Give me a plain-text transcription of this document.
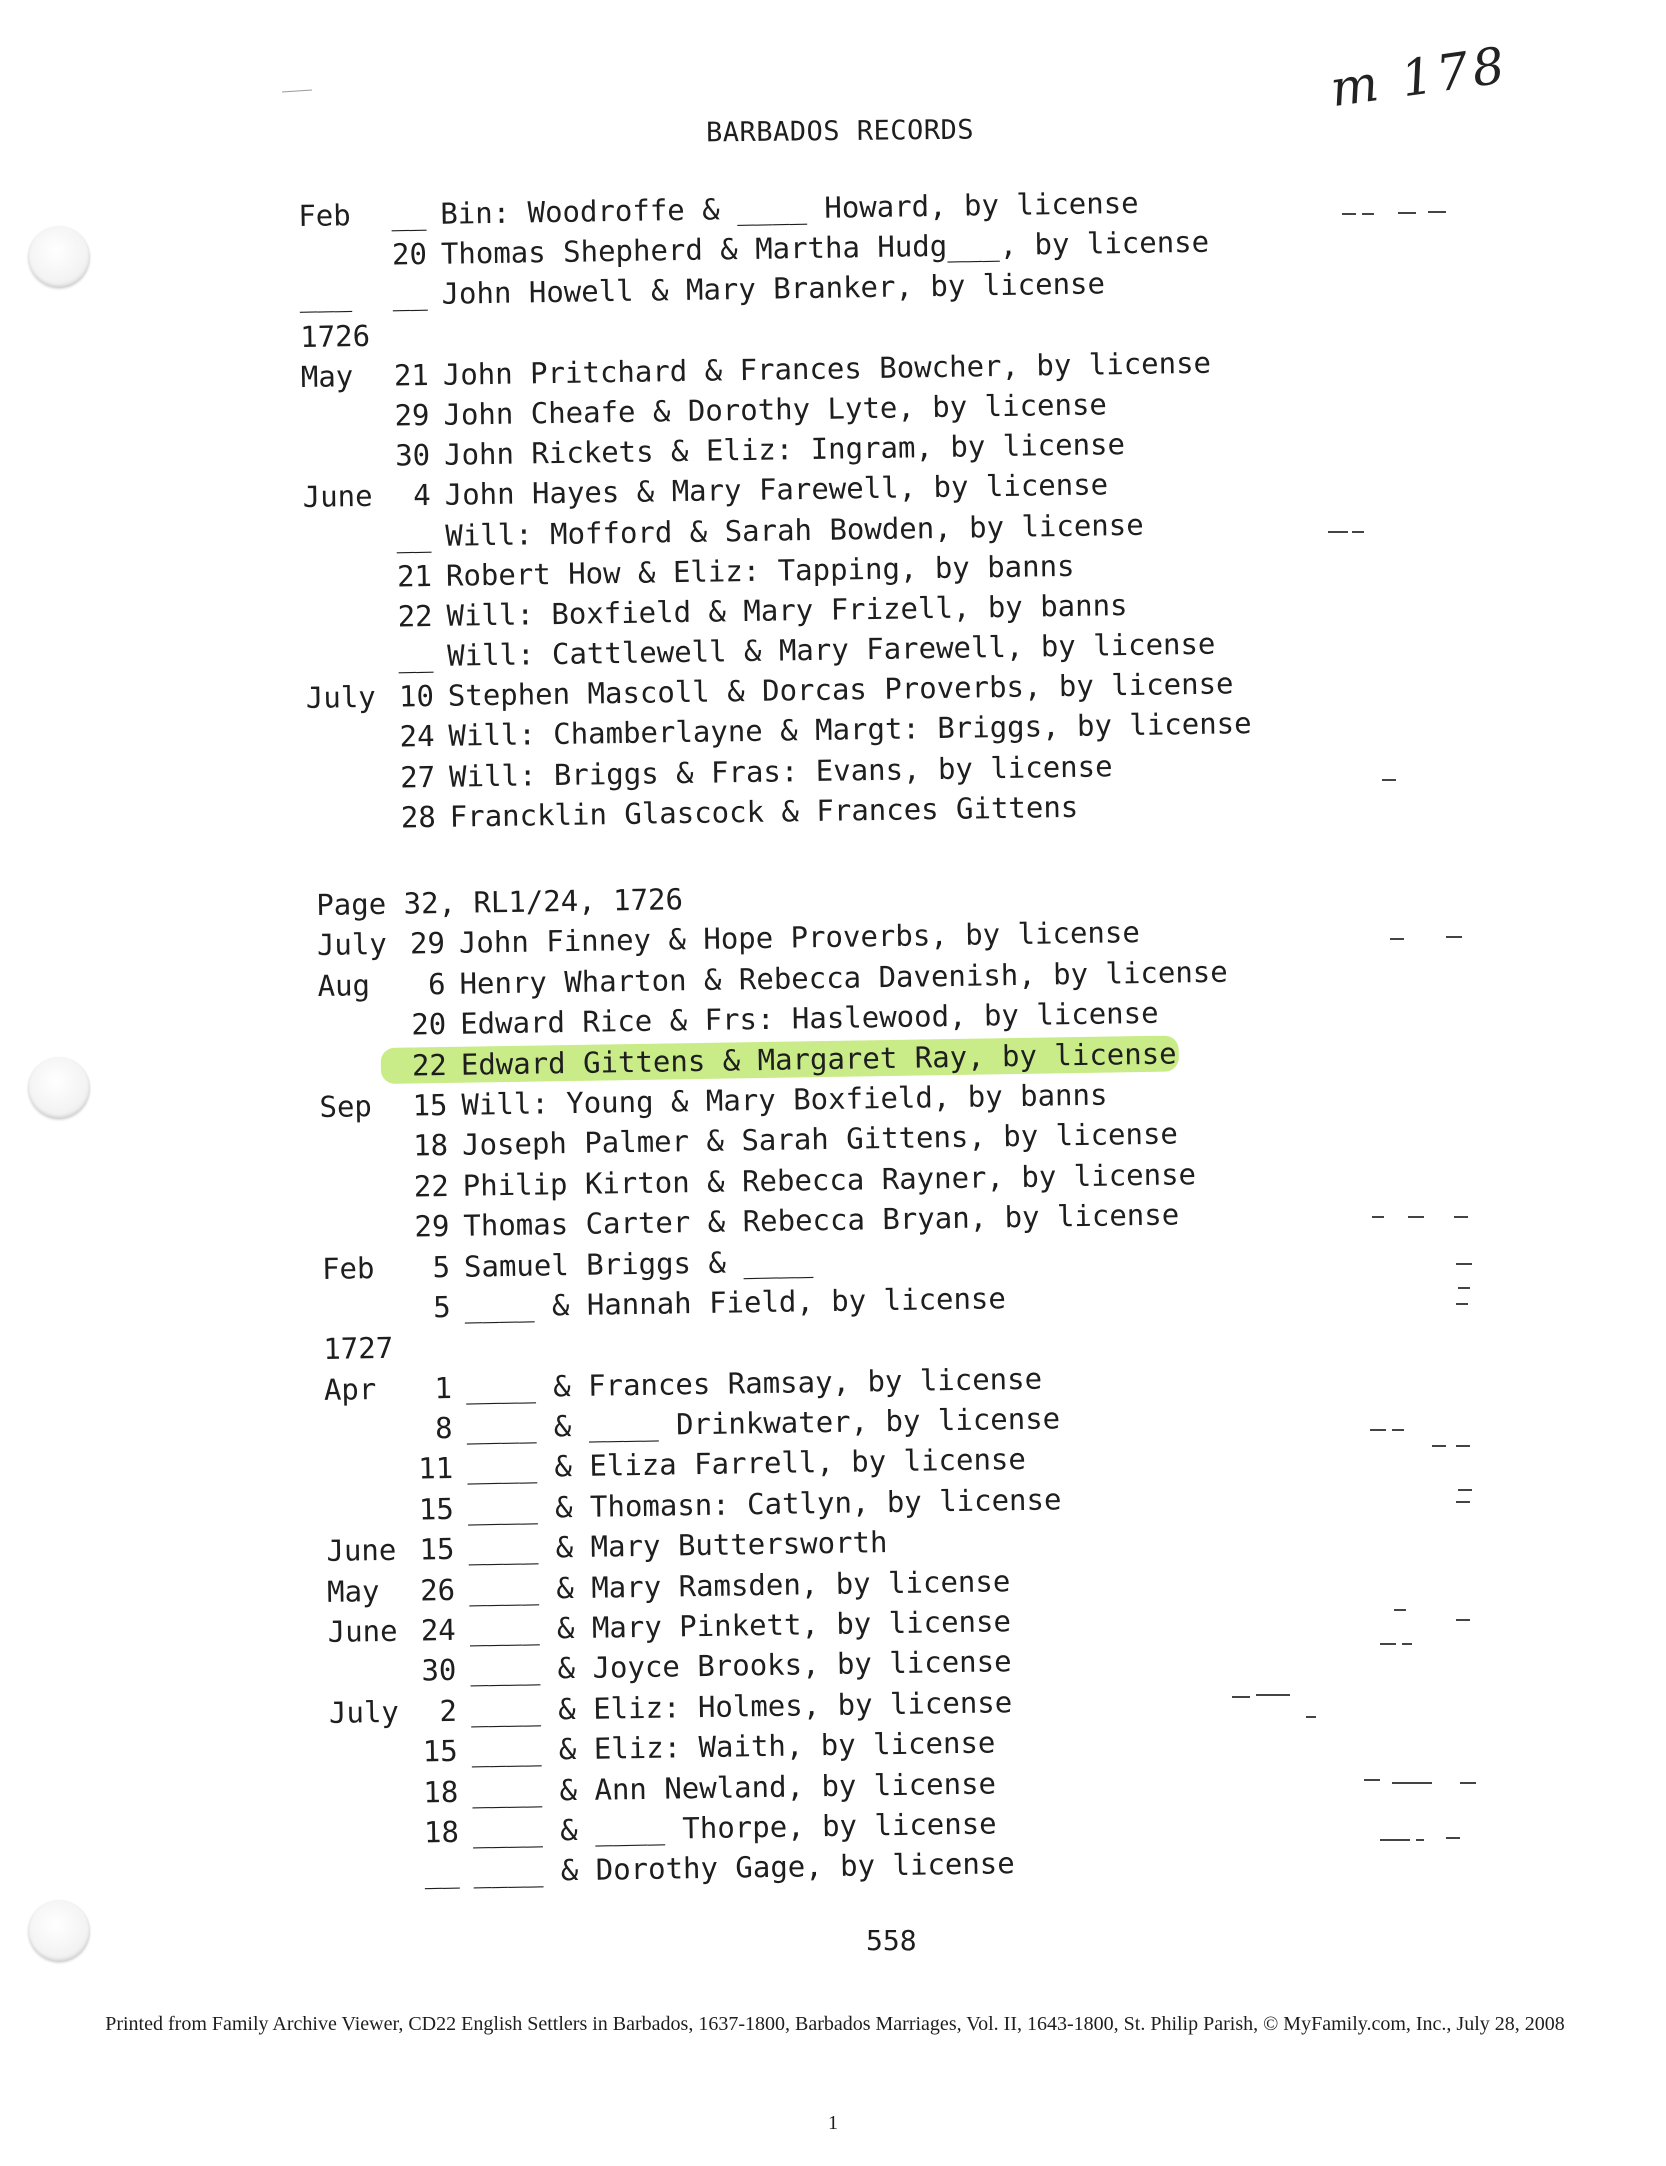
m 178
BARBADOS RECORDS
Feb	__ Bin: Woodroffe & ____ Howard, by license
20 Thomas Shepherd & Martha Hudg___, by license
___	__ John Howell & Mary Branker, by license
1726
May	21 John Pritchard & Frances Bowcher, by license
29 John Cheafe & Dorothy Lyte, by license
30 John Rickets & Eliz: Ingram, by license
June	4 John Hayes & Mary Farewell, by license
__ Will: Mofford & Sarah Bowden, by license
21 Robert How & Eliz: Tapping, by banns
22 Will: Boxfield & Mary Frizell, by banns
__ Will: Cattlewell & Mary Farewell, by license
July 10 Stephen Mascoll & Dorcas Proverbs, by license
24 Will: Chamberlayne & Margt: Briggs, by license
27 Will: Briggs & Fras: Evans, by license
28 Francklin Glascock & Frances Gittens
Page 32, RL1/24, 1726
July 29 John Finney & Hope Proverbs, by license
Aug	6 Henry Wharton & Rebecca Davenish, by license
20 Edward Rice & Frs: Haslewood, by license
22 Edward Gittens & Margaret Ray, by license
Sep	15 Will: Young & Mary Boxfield, by banns
18 Joseph Palmer & Sarah Gittens, by license
22 Philip Kirton & Rebecca Rayner, by license
29 Thomas Carter & Rebecca Bryan, by license
Feb	5 Samuel Briggs & ____
5 ____ & Hannah Field, by license
1727
Apr	1 ____ & Frances Ramsay, by license
8 ____ & ____ Drinkwater, by license
11 ____ & Eliza Farrell, by license
15 ____ & Thomasn: Catlyn, by license
June 15 ____ & Mary Buttersworth
May	26 ____ & Mary Ramsden, by license
June 24 ____ & Mary Pinkett, by license
30 ____ & Joyce Brooks, by license
July	2 ____ & Eliz: Holmes, by license
15 ____ & Eliz: Waith, by license
18 ____ & Ann Newland, by license
18 ____ & ____ Thorpe, by license
__ ____ & Dorothy Gage, by license
558
Printed from Family Archive Viewer, CD22 English Settlers in Barbados, 1637-1800, Barbados Marriages, Vol. II, 1643-1800, St. Philip Parish, © MyFamily.com, Inc., July 28, 2008
1
